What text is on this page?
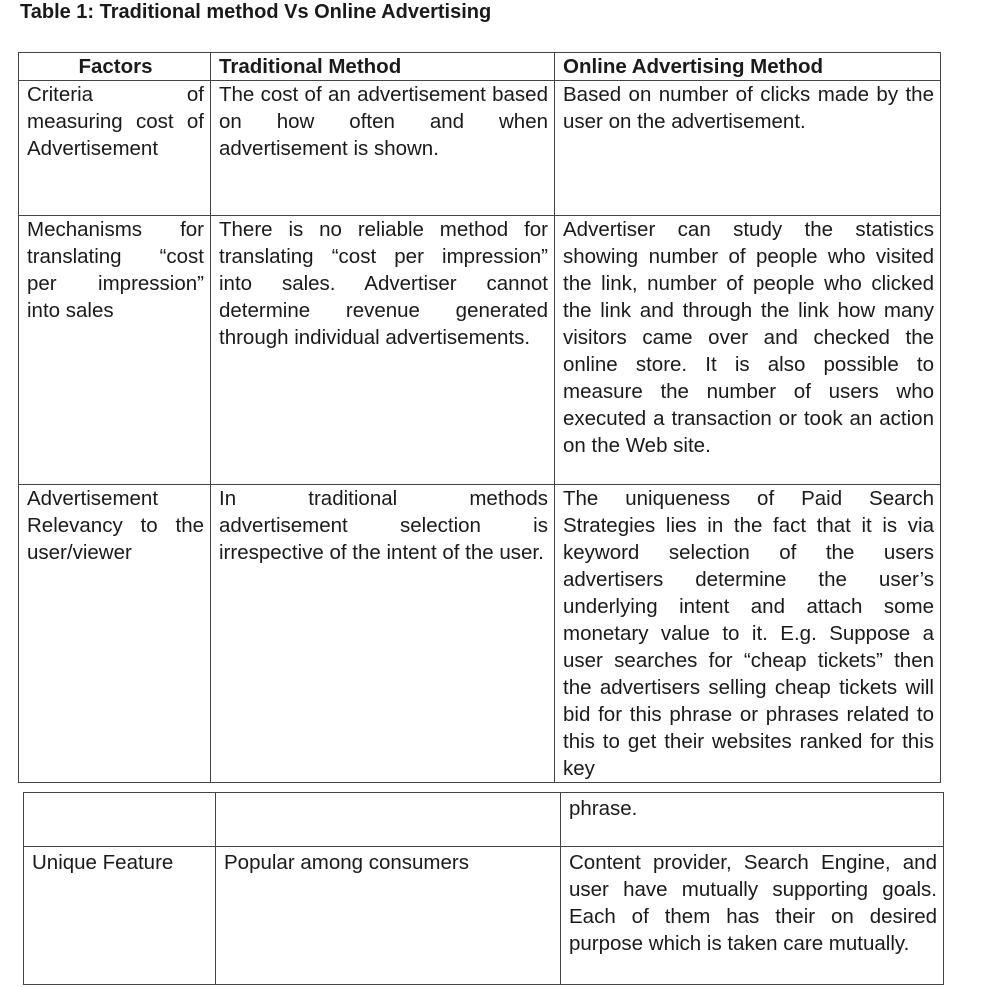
Table 1: Traditional method Vs Online Advertising
Factors	Traditional Method	Online Advertising Method
Criteria of measuring cost of Advertisement	The cost of an advertisement based on how often and when advertisement is shown.	Based on number of clicks made by the user on the advertisement.
Mechanisms for translating “cost per impression” into sales	There is no reliable method for translating “cost per impression” into sales. Advertiser cannot determine revenue generated through individual advertisements.	Advertiser can study the statistics showing number of people who visited the link, number of people who clicked the link and through the link how many visitors came over and checked the online store. It is also possible to measure the number of users who executed a transaction or took an action on the Web site.
Advertisement Relevancy to the user/viewer	In traditional methods advertisement selection is irrespective of the intent of the user.	The uniqueness of Paid Search Strategies lies in the fact that it is via keyword selection of the users advertisers determine the user’s underlying intent and attach some monetary value to it. E.g. Suppose a user searches for “cheap tickets” then the advertisers selling cheap tickets will bid for this phrase or phrases related to this to get their websites ranked for this key
		phrase.
Unique Feature	Popular among consumers	Content provider, Search Engine, and user have mutually supporting goals. Each of them has their on desired purpose which is taken care mutually.
